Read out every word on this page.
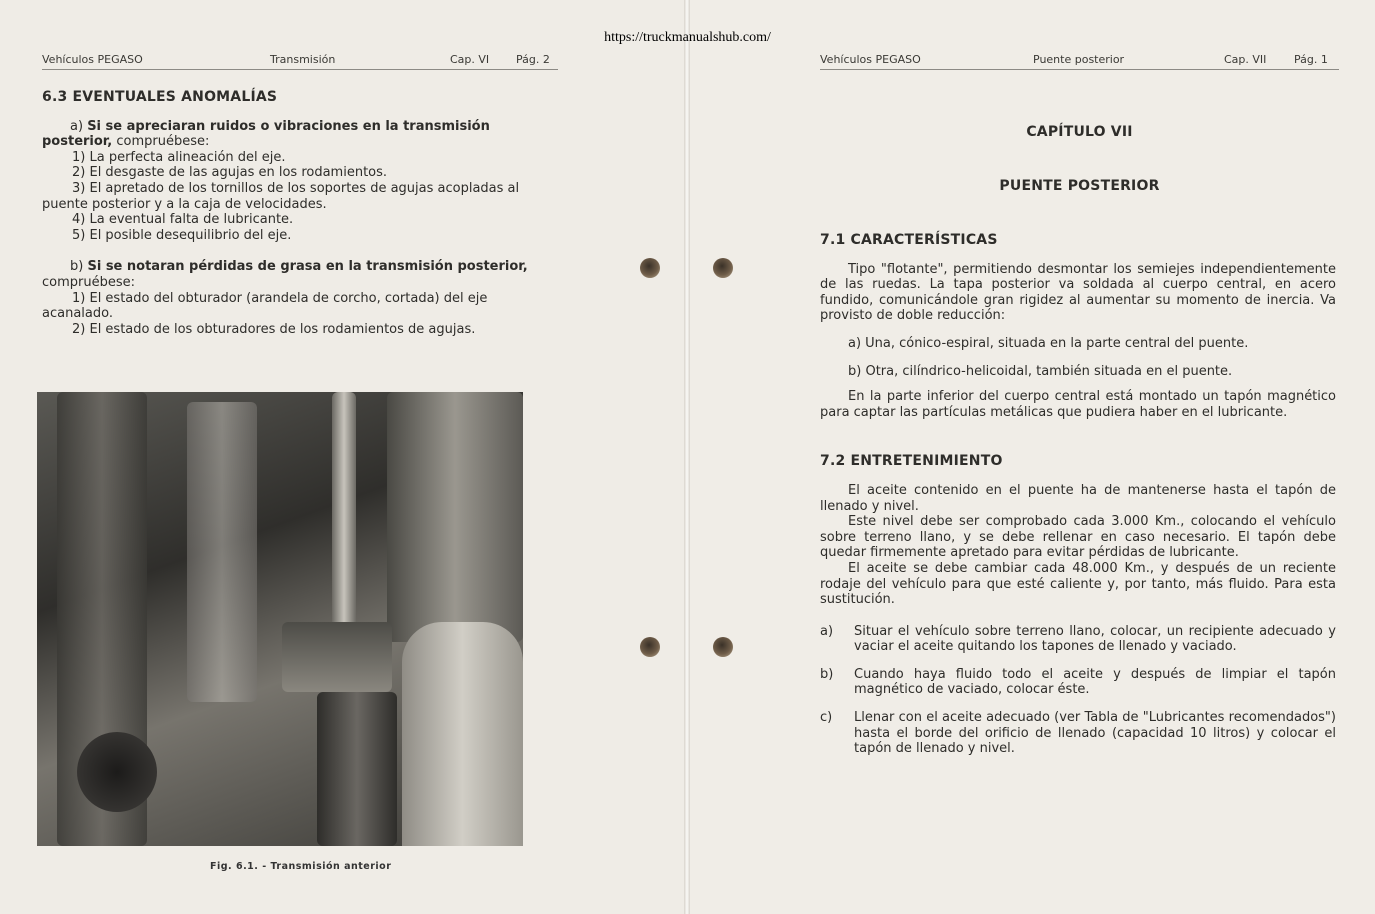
https://truckmanualshub.com/
Vehículos PEGASO	Transmisión	Cap. VI Pág. 2

6.3 EVENTUALES ANOMALÍAS

a) Si se apreciaran ruidos o vibraciones en la transmisión posterior, compruébese:

1) La perfecta alineación del eje.

2) El desgaste de las agujas en los rodamientos.

3) El apretado de los tornillos de los soportes de agujas acopladas al puente posterior y a la caja de velocidades.

4) La eventual falta de lubricante.

5) El posible desequilibrio del eje.

b) Si se notaran pérdidas de grasa en la transmisión posterior, compruébese:

1) El estado del obturador (arandela de corcho, cortada) del eje acanalado.

2) El estado de los obturadores de los rodamientos de agujas.

Fig. 6.1. - Transmisión anterior
Vehículos PEGASO	Puente posterior	Cap. VII	Pág. 1
CAPÍTULO VII
PUENTE POSTERIOR

7.1 CARACTERÍSTICAS

Tipo "flotante", permitiendo desmontar los semiejes independientemente de las ruedas. La tapa posterior va soldada al cuerpo central, en acero fundido, comunicándole gran rigidez al aumentar su momento de inercia. Va provisto de doble reducción:

a) Una, cónico-espiral, situada en la parte central del puente.

b) Otra, cilíndrico-helicoidal, también situada en el puente.

En la parte inferior del cuerpo central está montado un tapón magnético para captar las partículas metálicas que pudiera haber en el lubricante.

7.2 ENTRETENIMIENTO

El aceite contenido en el puente ha de mantenerse hasta el tapón de llenado y nivel.

Este nivel debe ser comprobado cada 3.000 Km., colocando el vehículo sobre terreno llano, y se debe rellenar en caso necesario. El tapón debe quedar firmemente apretado para evitar pérdidas de lubricante.

El aceite se debe cambiar cada 48.000 Km., y después de un reciente rodaje del vehículo para que esté caliente y, por tanto, más fluido. Para esta sustitución.

a) Situar el vehículo sobre terreno llano, colocar, un recipiente adecuado y vaciar el aceite quitando los tapones de llenado y vaciado.
b) Cuando haya fluido todo el aceite y después de limpiar el tapón magnético de vaciado, colocar éste.
c) Llenar con el aceite adecuado (ver Tabla de "Lubricantes recomendados") hasta el borde del orificio de llenado (capacidad 10 litros) y colocar el tapón de llenado y nivel.
